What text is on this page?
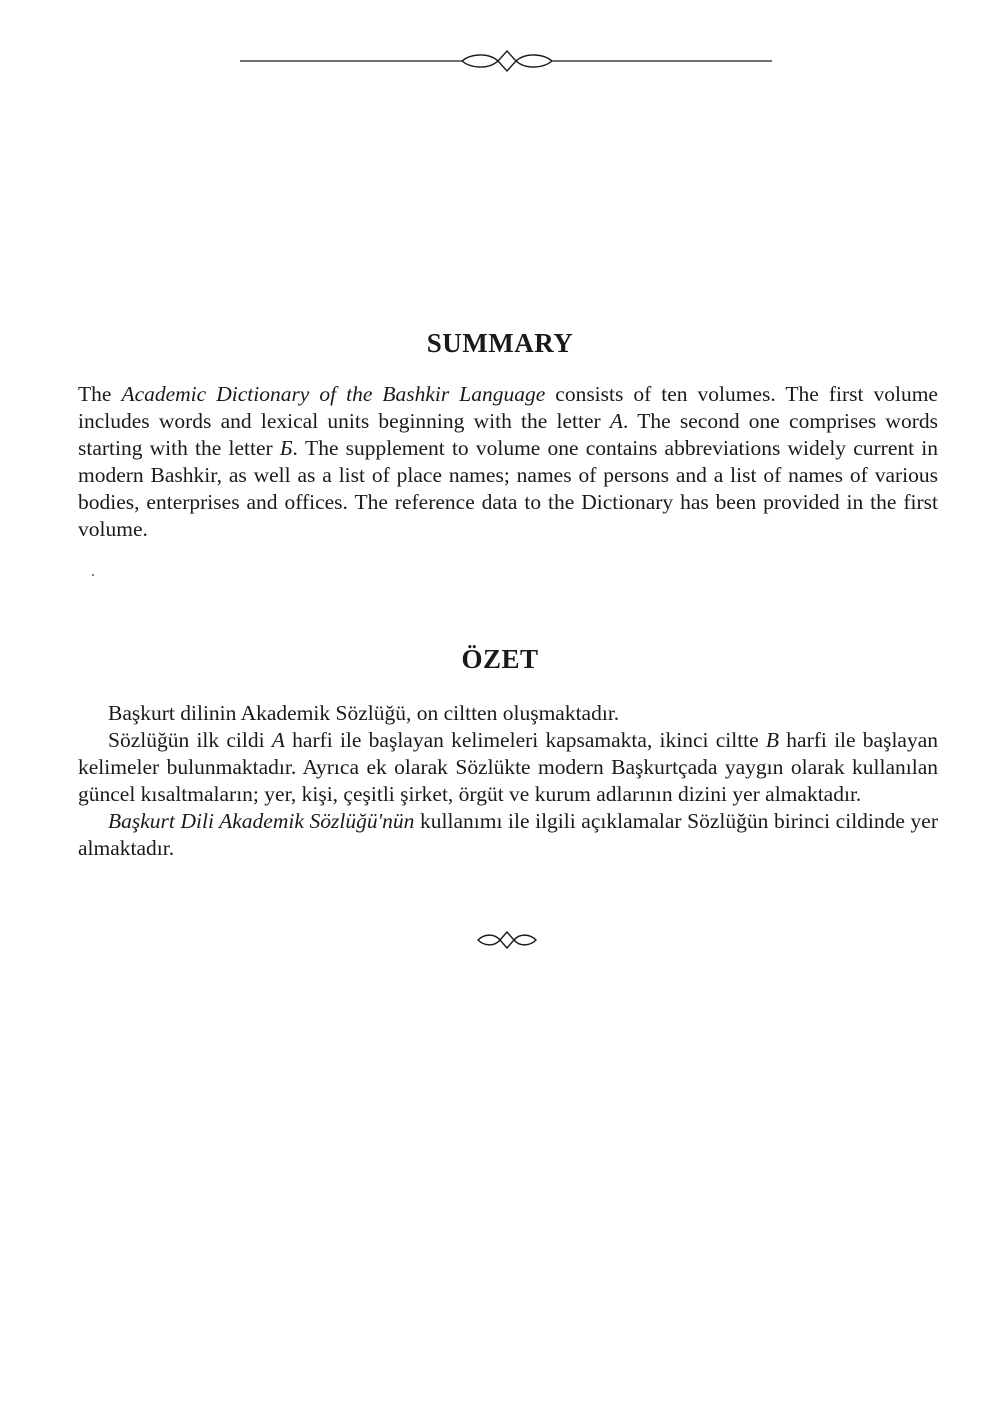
SUMMARY

The Academic Dictionary of the Bashkir Language consists of ten volumes. The first volume includes words and lexical units beginning with the letter A. The second one comprises words starting with the letter Б. The supplement to volume one contains abbreviations widely current in modern Bashkir, as well as a list of place names; names of persons and a list of names of various bodies, enterprises and offices. The reference data to the Dictionary has been provided in the first volume.

ÖZET

Başkurt dilinin Akademik Sözlüğü, on ciltten oluşmaktadır.

Sözlüğün ilk cildi A harfi ile başlayan kelimeleri kapsamakta, ikinci ciltte B harfi ile başlayan kelimeler bulunmaktadır. Ayrıca ek olarak Sözlükte modern Başkurtçada yaygın olarak kullanılan güncel kısaltmaların; yer, kişi, çeşitli şirket, örgüt ve kurum adlarının dizini yer almaktadır.

Başkurt Dili Akademik Sözlüğü'nün kullanımı ile ilgili açıklamalar Sözlüğün birinci cildinde yer almaktadır.
